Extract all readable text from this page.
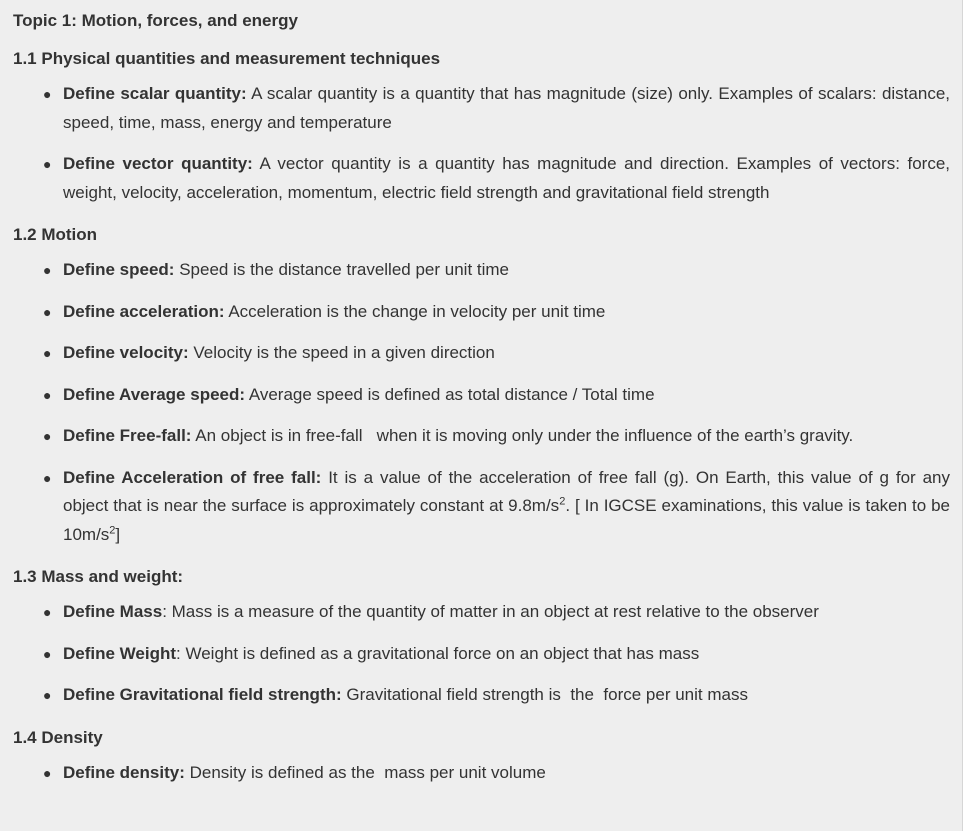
Topic 1: Motion, forces, and energy
1.1 Physical quantities and measurement techniques
● Define scalar quantity: A scalar quantity is a quantity that has magnitude (size) only. Examples of scalars: distance, speed, time, mass, energy and temperature
● Define vector quantity: A vector quantity is a quantity has magnitude and direction. Examples of vectors: force, weight, velocity, acceleration, momentum, electric field strength and gravitational field strength
1.2 Motion
● Define speed: Speed is the distance travelled per unit time
● Define acceleration: Acceleration is the change in velocity per unit time
● Define velocity: Velocity is the speed in a given direction
● Define Average speed: Average speed is defined as total distance / Total time
● Define Free-fall: An object is in free-fall   when it is moving only under the influence of the earth’s gravity.
● Define Acceleration of free fall: It is a value of the acceleration of free fall (g). On Earth, this value of g for any object that is near the surface is approximately constant at $9.8m/s^2$. [ In IGCSE examinations, this value is taken to be $10m/s^2$]
1.3 Mass and weight:
● Define Mass: Mass is a measure of the quantity of matter in an object at rest relative to the observer
● Define Weight: Weight is defined as a gravitational force on an object that has mass
● Define Gravitational field strength: Gravitational field strength is  the  force per unit mass
1.4 Density
● Define density: Density is defined as the  mass per unit volume
